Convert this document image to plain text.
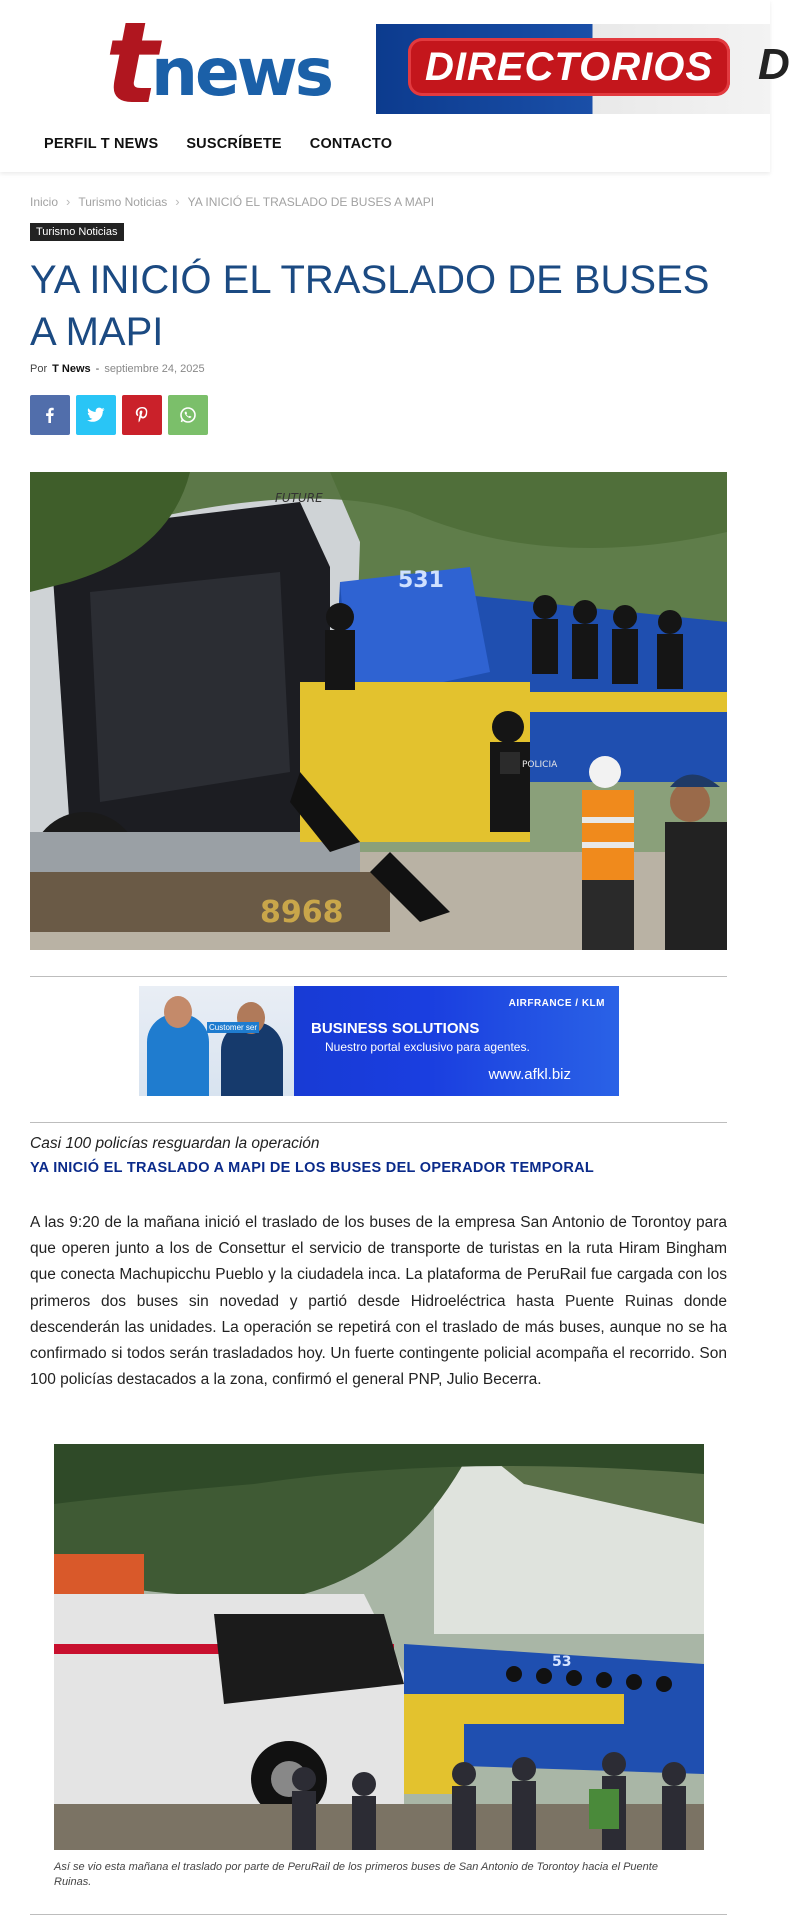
t
news	DIRECTORIOS	D
PERFIL T NEWS SUSCRÍBETE CONTACTO
Inicio › Turismo Noticias › YA INICIÓ EL TRASLADO DE BUSES A MAPI
Turismo Noticias
YA INICIÓ EL TRASLADO DE BUSES A MAPI
Por T News - septiembre 24, 2025
8968
531
POLICIA
FUTURE
Customer ser
AIRFRANCE / KLM
BUSINESS SOLUTIONS
Nuestro portal exclusivo para agentes.
www.afkl.biz

Casi 100 policías resguardan la operación

YA INICIÓ EL TRASLADO A MAPI DE LOS BUSES DEL OPERADOR TEMPORAL

A las 9:20 de la mañana inició el traslado de los buses de la empresa San Antonio de Torontoy para que operen junto a los de Consettur el servicio de transporte de turistas en la ruta Hiram Bingham que conecta Machupicchu Pueblo y la ciudadela inca. La plataforma de PeruRail fue cargada con los primeros dos buses sin novedad y partió desde Hidroeléctrica hasta Puente Ruinas donde descenderán las unidades. La operación se repetirá con el traslado de más buses, aunque no se ha confirmado si todos serán trasladados hoy. Un fuerte contingente policial acompaña el recorrido. Son 100 policías destacados a la zona, confirmó el general PNP, Julio Becerra.

53

Así se vio esta mañana el traslado por parte de PeruRail de los primeros buses de San Antonio de Torontoy hacia el Puente Ruinas.
